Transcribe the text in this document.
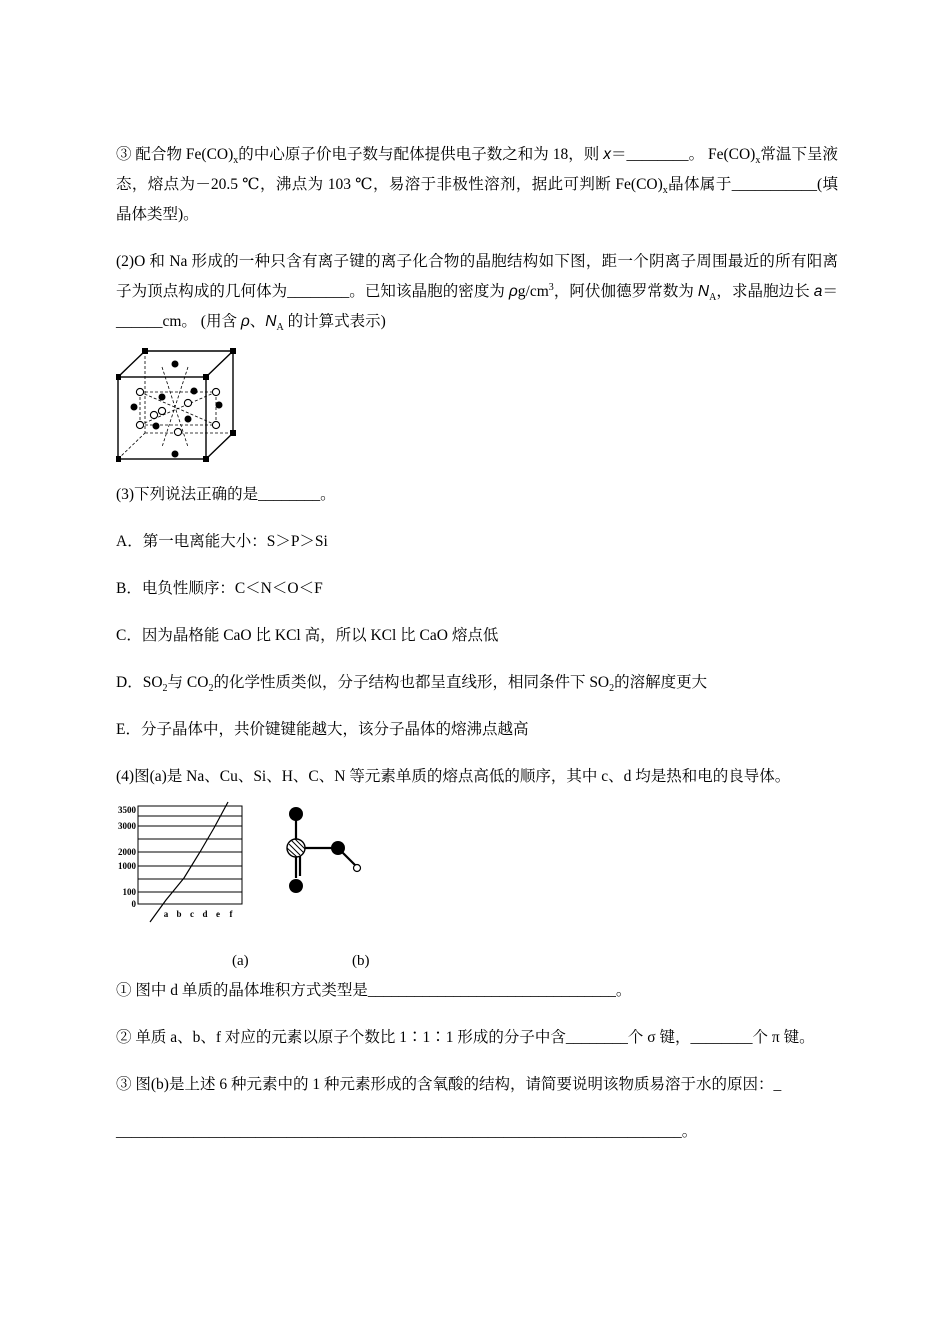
③ 配合物 $Fe(CO)_x$的中心原子价电子数与配体提供电子数之和为 18，则 x＝________。 $Fe(CO)_x$常温下呈液态，熔点为－20.5 ℃，沸点为 103 ℃，易溶于非极性溶剂，据此可判断 $Fe(CO)_x$晶体属于___________(填晶体类型)。

(2)O 和 Na 形成的一种只含有离子键的离子化合物的晶胞结构如下图，距一个阴离子周围最近的所有阳离子为顶点构成的几何体为________。已知该晶胞的密度为 $\rho g/cm^3$，阿伏伽德罗常数为 $N_A$，求晶胞边长 a＝______cm。 (用含 ρ、$N_A$ 的计算式表示)

(3)下列说法正确的是________。

A．第一电离能大小：S＞P＞Si

B．电负性顺序：C＜N＜O＜F

C．因为晶格能 CaO 比 KCl 高，所以 KCl 比 CaO 熔点低

D．$SO_2$与 $CO_2$的化学性质类似，分子结构也都呈直线形，相同条件下 $SO_2$的溶解度更大

E．分子晶体中，共价键键能越大，该分子晶体的熔沸点越高

(4)图(a)是 Na、Cu、Si、H、C、N 等元素单质的熔点高低的顺序，其中 c、d 均是热和电的良导体。

0
100
1000
2000
3000
3500
a b c d e f
(a)	(b)

① 图中 d 单质的晶体堆积方式类型是________________________________。

② 单质 a、b、f 对应的元素以原子个数比 1∶1∶1 形成的分子中含________个 σ 键，________个 π 键。

③ 图(b)是上述 6 种元素中的 1 种元素形成的含氧酸的结构，请简要说明该物质易溶于水的原因：_

_________________________________________________________________________。
